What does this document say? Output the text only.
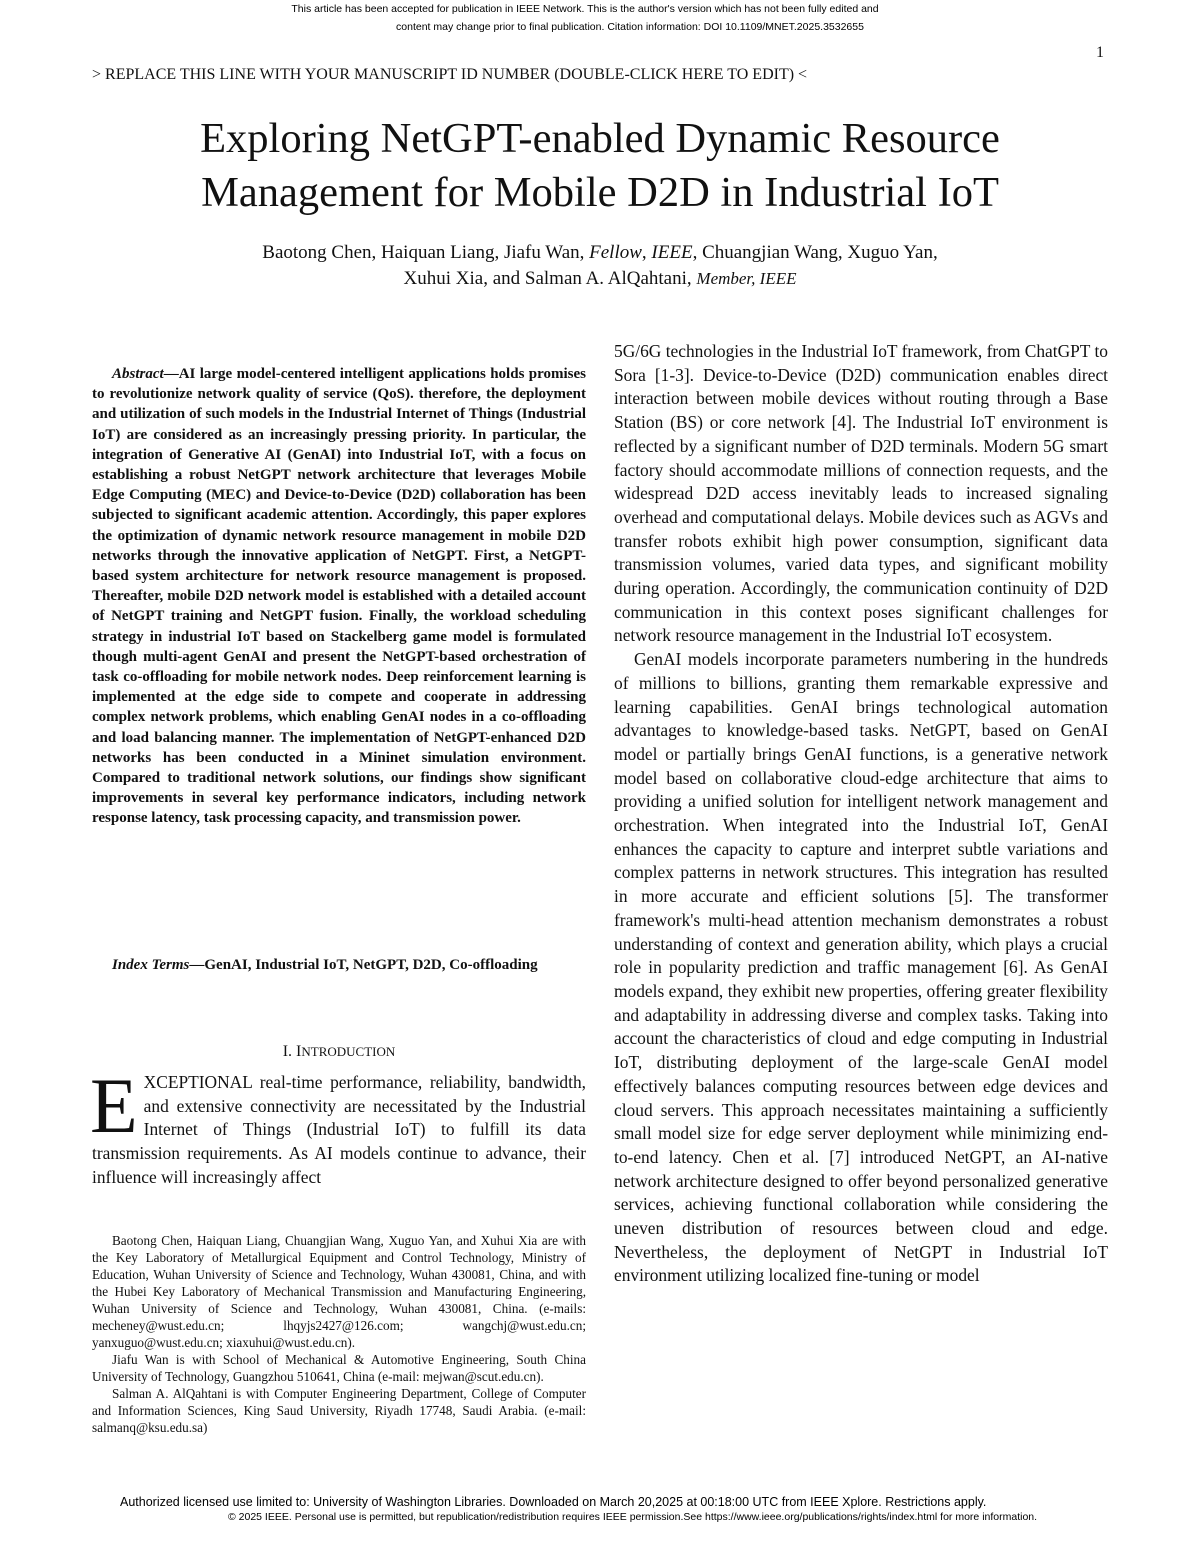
This article has been accepted for publication in IEEE Network. This is the author's version which has not been fully edited and
content may change prior to final publication. Citation information: DOI 10.1109/MNET.2025.3532655
1
> REPLACE THIS LINE WITH YOUR MANUSCRIPT ID NUMBER (DOUBLE-CLICK HERE TO EDIT) <
Exploring NetGPT-enabled Dynamic Resource
Management for Mobile D2D in Industrial IoT
Baotong Chen, Haiquan Liang, Jiafu Wan, Fellow, IEEE, Chuangjian Wang, Xuguo Yan,
Xuhui Xia, and Salman A. AlQahtani, Member, IEEE

Abstract—AI large model-centered intelligent applications holds promises to revolutionize network quality of service (QoS). therefore, the deployment and utilization of such models in the Industrial Internet of Things (Industrial IoT) are considered as an increasingly pressing priority. In particular, the integration of Generative AI (GenAI) into Industrial IoT, with a focus on establishing a robust NetGPT network architecture that leverages Mobile Edge Computing (MEC) and Device-to-Device (D2D) collaboration has been subjected to significant academic attention. Accordingly, this paper explores the optimization of dynamic network resource management in mobile D2D networks through the innovative application of NetGPT. First, a NetGPT-based system architecture for network resource management is proposed. Thereafter, mobile D2D network model is established with a detailed account of NetGPT training and NetGPT fusion. Finally, the workload scheduling strategy in industrial IoT based on Stackelberg game model is formulated though multi-agent GenAI and present the NetGPT-based orchestration of task co-offloading for mobile network nodes. Deep reinforcement learning is implemented at the edge side to compete and cooperate in addressing complex network problems, which enabling GenAI nodes in a co-offloading and load balancing manner. The implementation of NetGPT-enhanced D2D networks has been conducted in a Mininet simulation environment. Compared to traditional network solutions, our findings show significant improvements in several key performance indicators, including network response latency, task processing capacity, and transmission power.

Index Terms—GenAI, Industrial IoT, NetGPT, D2D, Co-offloading

I. INTRODUCTION

EXCEPTIONAL real-time performance, reliability, bandwidth, and extensive connectivity are necessitated by the Industrial Internet of Things (Industrial IoT) to fulfill its data transmission requirements. As AI models continue to advance, their influence will increasingly affect

Baotong Chen, Haiquan Liang, Chuangjian Wang, Xuguo Yan, and Xuhui Xia are with the Key Laboratory of Metallurgical Equipment and Control Technology, Ministry of Education, Wuhan University of Science and Technology, Wuhan 430081, China, and with the Hubei Key Laboratory of Mechanical Transmission and Manufacturing Engineering, Wuhan University of Science and Technology, Wuhan 430081, China. (e-mails: mecheney@wust.edu.cn; lhqyjs2427@126.com; wangchj@wust.edu.cn; yanxuguo@wust.edu.cn; xiaxuhui@wust.edu.cn).

Jiafu Wan is with School of Mechanical & Automotive Engineering, South China University of Technology, Guangzhou 510641, China (e-mail: mejwan@scut.edu.cn).

Salman A. AlQahtani is with Computer Engineering Department, College of Computer and Information Sciences, King Saud University, Riyadh 17748, Saudi Arabia. (e-mail: salmanq@ksu.edu.sa)

5G/6G technologies in the Industrial IoT framework, from ChatGPT to Sora [1-3]. Device-to-Device (D2D) communication enables direct interaction between mobile devices without routing through a Base Station (BS) or core network [4]. The Industrial IoT environment is reflected by a significant number of D2D terminals. Modern 5G smart factory should accommodate millions of connection requests, and the widespread D2D access inevitably leads to increased signaling overhead and computational delays. Mobile devices such as AGVs and transfer robots exhibit high power consumption, significant data transmission volumes, varied data types, and significant mobility during operation. Accordingly, the communication continuity of D2D communication in this context poses significant challenges for network resource management in the Industrial IoT ecosystem.

GenAI models incorporate parameters numbering in the hundreds of millions to billions, granting them remarkable expressive and learning capabilities. GenAI brings technological automation advantages to knowledge-based tasks. NetGPT, based on GenAI model or partially brings GenAI functions, is a generative network model based on collaborative cloud-edge architecture that aims to providing a unified solution for intelligent network management and orchestration. When integrated into the Industrial IoT, GenAI enhances the capacity to capture and interpret subtle variations and complex patterns in network structures. This integration has resulted in more accurate and efficient solutions [5]. The transformer framework's multi-head attention mechanism demonstrates a robust understanding of context and generation ability, which plays a crucial role in popularity prediction and traffic management [6]. As GenAI models expand, they exhibit new properties, offering greater flexibility and adaptability in addressing diverse and complex tasks. Taking into account the characteristics of cloud and edge computing in Industrial IoT, distributing deployment of the large-scale GenAI model effectively balances computing resources between edge devices and cloud servers. This approach necessitates maintaining a sufficiently small model size for edge server deployment while minimizing end-to-end latency. Chen et al. [7] introduced NetGPT, an AI-native network architecture designed to offer beyond personalized generative services, achieving functional collaboration while considering the uneven distribution of resources between cloud and edge. Nevertheless, the deployment of NetGPT in Industrial IoT environment utilizing localized fine-tuning or model

Authorized licensed use limited to: University of Washington Libraries. Downloaded on March 20,2025 at 00:18:00 UTC from IEEE Xplore. Restrictions apply.
© 2025 IEEE. Personal use is permitted, but republication/redistribution requires IEEE permission.See https://www.ieee.org/publications/rights/index.html for more information.
